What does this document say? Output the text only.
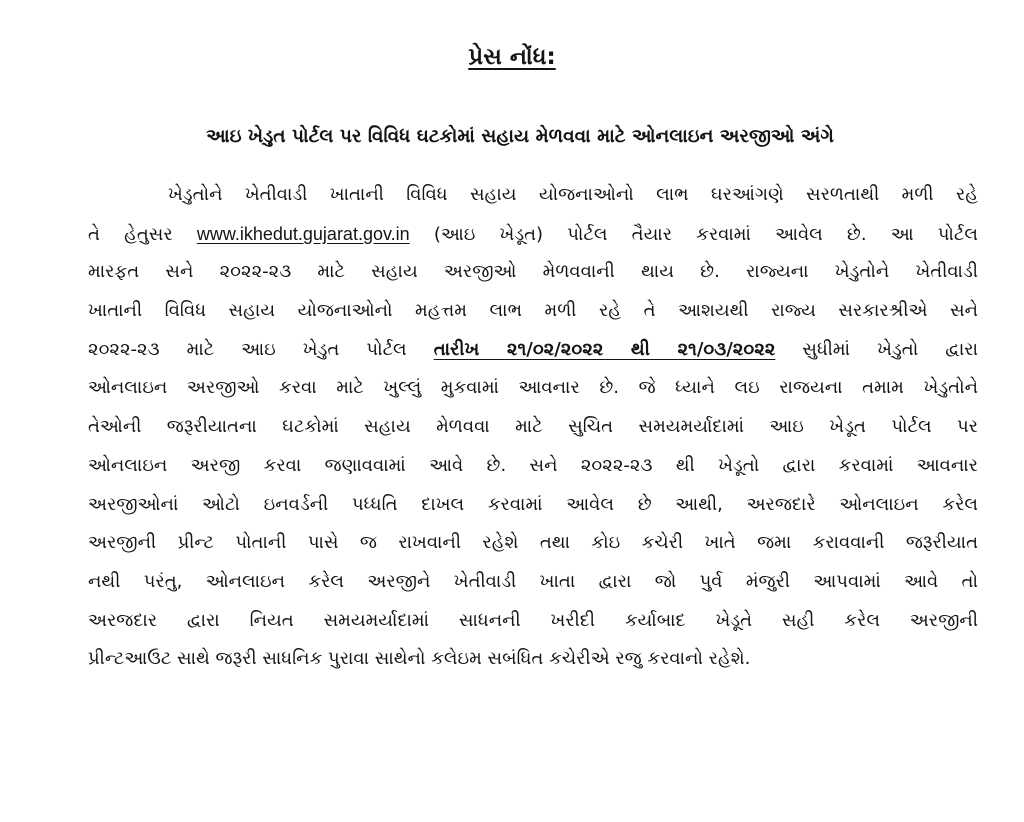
પ્રેસ નોંધ:
આઇ ખેડુત પોર્ટલ પર વિવિધ ઘટકોમાં સહાય મેળવવા માટે ઓનલાઇન અરજીઓ અંગે
ખેડુતોને ખેતીવાડી ખાતાની વિવિધ સહાય યોજનાઓનો લાભ ઘરઆંગણે સરળતાથી મળી રહે
તે હેતુસર www.ikhedut.gujarat.gov.in (આઇ ખેડૂત) પોર્ટલ તૈયાર કરવામાં આવેલ છે. આ પોર્ટલ
મારફત સને ૨૦૨૨-૨૩ માટે સહાય અરજીઓ મેળવવાની થાય છે. રાજ્યના ખેડુતોને ખેતીવાડી
ખાતાની વિવિધ સહાય યોજનાઓનો મહત્તમ લાભ મળી રહે તે આશયથી રાજ્ય સરકારશ્રીએ સને
૨૦૨૨-૨૩ માટે આઇ ખેડુત પોર્ટલ તારીખ ૨૧/૦૨/૨૦૨૨ થી ૨૧/૦૩/૨૦૨૨ સુધીમાં ખેડુતો દ્વારા
ઓનલાઇન અરજીઓ કરવા માટે ખુલ્લું મુકવામાં આવનાર છે. જે ધ્યાને લઇ રાજયના તમામ ખેડુતોને
તેઓની જરૂરીયાતના ઘટકોમાં સહાય મેળવવા માટે સુચિત સમયમર્યાદામાં આઇ ખેડૂત પોર્ટલ પર
ઓનલાઇન અરજી કરવા જણાવવામાં આવે છે. સને ૨૦૨૨-૨૩ થી ખેડૂતો દ્વારા કરવામાં આવનાર
અરજીઓનાં ઓટો ઇનવર્ડની પધ્ધતિ દાખલ કરવામાં આવેલ છે આથી, અરજદારે ઓનલાઇન કરેલ
અરજીની પ્રીન્ટ પોતાની પાસે જ રાખવાની રહેશે તથા કોઇ કચેરી ખાતે જમા કરાવવાની જરૂરીયાત
નથી પરંતુ, ઓનલાઇન કરેલ અરજીને ખેતીવાડી ખાતા દ્વારા જો પુર્વ મંજુરી આપવામાં આવે તો
અરજદાર દ્વારા નિયત સમયમર્યાદામાં સાધનની ખરીદી કર્યાબાદ ખેડૂતે સહી કરેલ અરજીની
પ્રીન્ટઆઉટ સાથે જરૂરી સાધનિક પુરાવા સાથેનો કલેઇમ સબંધિત કચેરીએ રજુ કરવાનો રહેશે.
